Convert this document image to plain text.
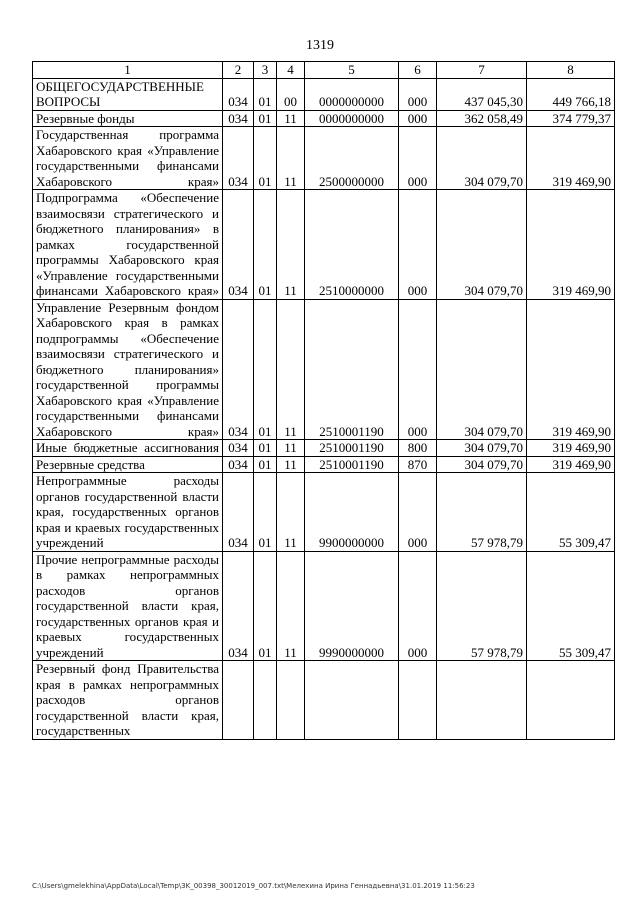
1319
1	2	3	4	5	6	7	8
ОБЩЕГОСУДАРСТВЕННЫЕ ВОПРОСЫ	034	01	00	0000000000	000	437 045,30	449 766,18
Резервные фонды	034	01	11	0000000000	000	362 058,49	374 779,37
Государственная программа Хабаровского края «Управление государственными финансами Хабаровского края»	034	01	11	2500000000	000	304 079,70	319 469,90
Подпрограмма «Обеспечение взаимосвязи стратегического и бюджетного планирования» в рамках государственной программы Хабаровского края «Управление государственными финансами Хабаровского края»	034	01	11	2510000000	000	304 079,70	319 469,90
Управление Резервным фондом Хабаровского края в рамках подпрограммы «Обеспечение взаимосвязи стратегического и бюджетного планирования» государственной программы Хабаровского края «Управление государственными финансами Хабаровского края»	034	01	11	2510001190	000	304 079,70	319 469,90
Иные бюджетные ассигнования	034	01	11	2510001190	800	304 079,70	319 469,90
Резервные средства	034	01	11	2510001190	870	304 079,70	319 469,90
Непрограммные расходы органов государственной власти края, государственных органов края и краевых государственных учреждений	034	01	11	9900000000	000	57 978,79	55 309,47
Прочие непрограммные расходы в рамках непрограммных расходов органов государственной власти края, государственных органов края и краевых государственных учреждений	034	01	11	9990000000	000	57 978,79	55 309,47
Резервный фонд Правительства края в рамках непрограммных расходов органов государственной власти края, государственных							
C:\Users\gmelekhina\AppData\Local\Temp\3K_00398_30012019_007.txt\Мелехина Ирина Геннадьевна\31.01.2019 11:56:23
